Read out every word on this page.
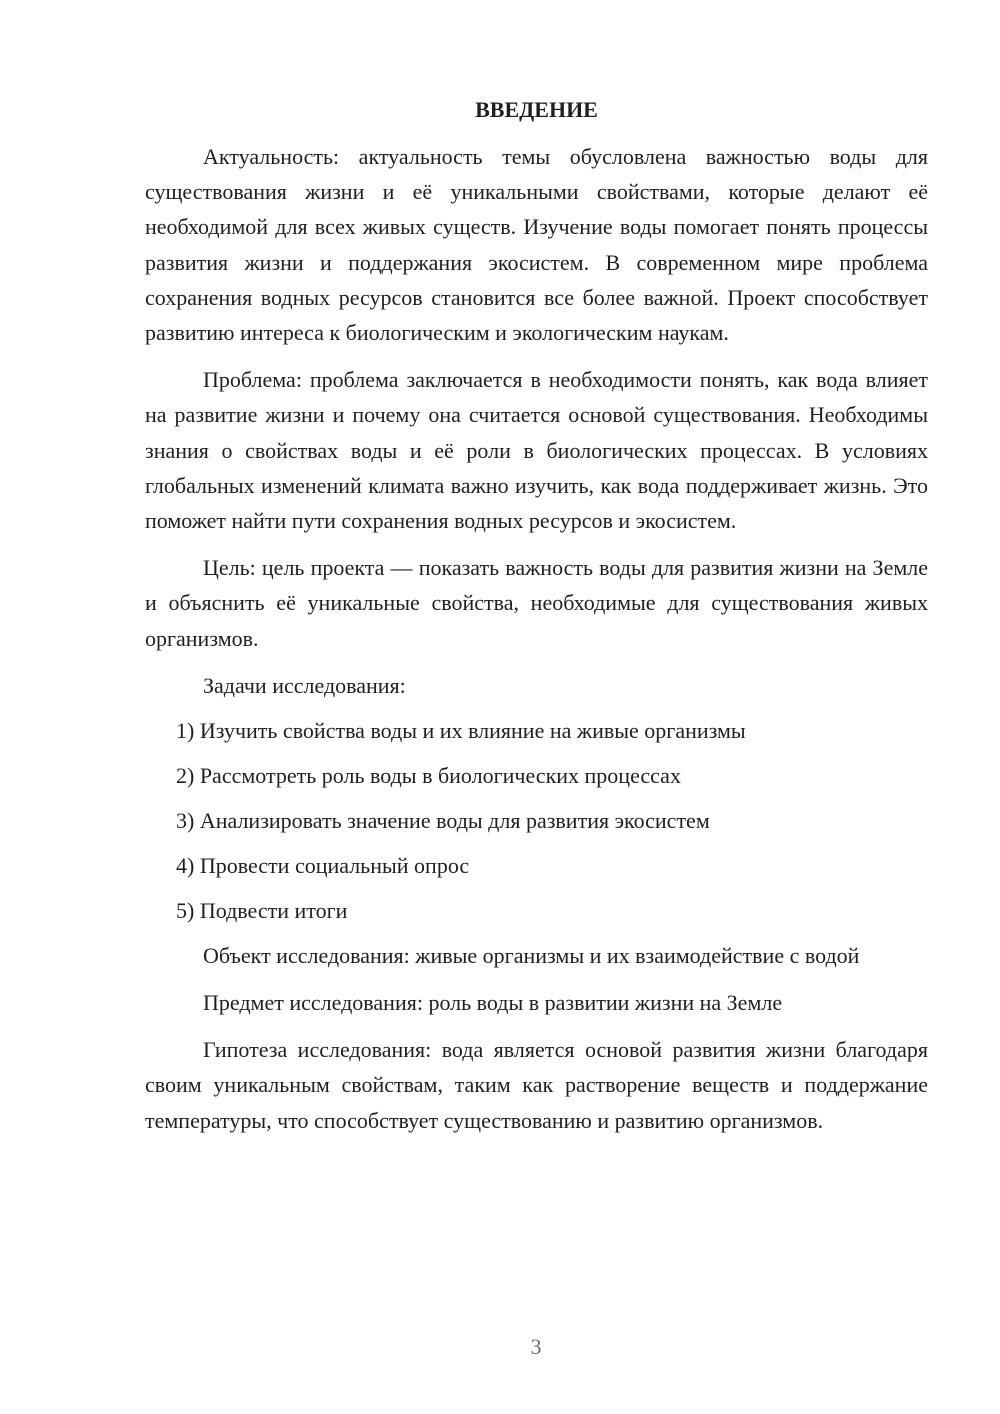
ВВЕДЕНИЕ

Актуальность: актуальность темы обусловлена важностью воды для существования жизни и её уникальными свойствами, которые делают её необходимой для всех живых существ. Изучение воды помогает понять процессы развития жизни и поддержания экосистем. В современном мире проблема сохранения водных ресурсов становится все более важной. Проект способствует развитию интереса к биологическим и экологическим наукам.

Проблема: проблема заключается в необходимости понять, как вода влияет на развитие жизни и почему она считается основой существования. Необходимы знания о свойствах воды и её роли в биологических процессах. В условиях глобальных изменений климата важно изучить, как вода поддерживает жизнь. Это поможет найти пути сохранения водных ресурсов и экосистем.

Цель: цель проекта — показать важность воды для развития жизни на Земле и объяснить её уникальные свойства, необходимые для существования живых организмов.

Задачи исследования:
1) Изучить свойства воды и их влияние на живые организмы
2) Рассмотреть роль воды в биологических процессах
3) Анализировать значение воды для развития экосистем
4) Провести социальный опрос
5) Подвести итоги

Объект исследования: живые организмы и их взаимодействие с водой

Предмет исследования: роль воды в развитии жизни на Земле

Гипотеза исследования: вода является основой развития жизни благодаря своим уникальным свойствам, таким как растворение веществ и поддержание температуры, что способствует существованию и развитию организмов.

3
